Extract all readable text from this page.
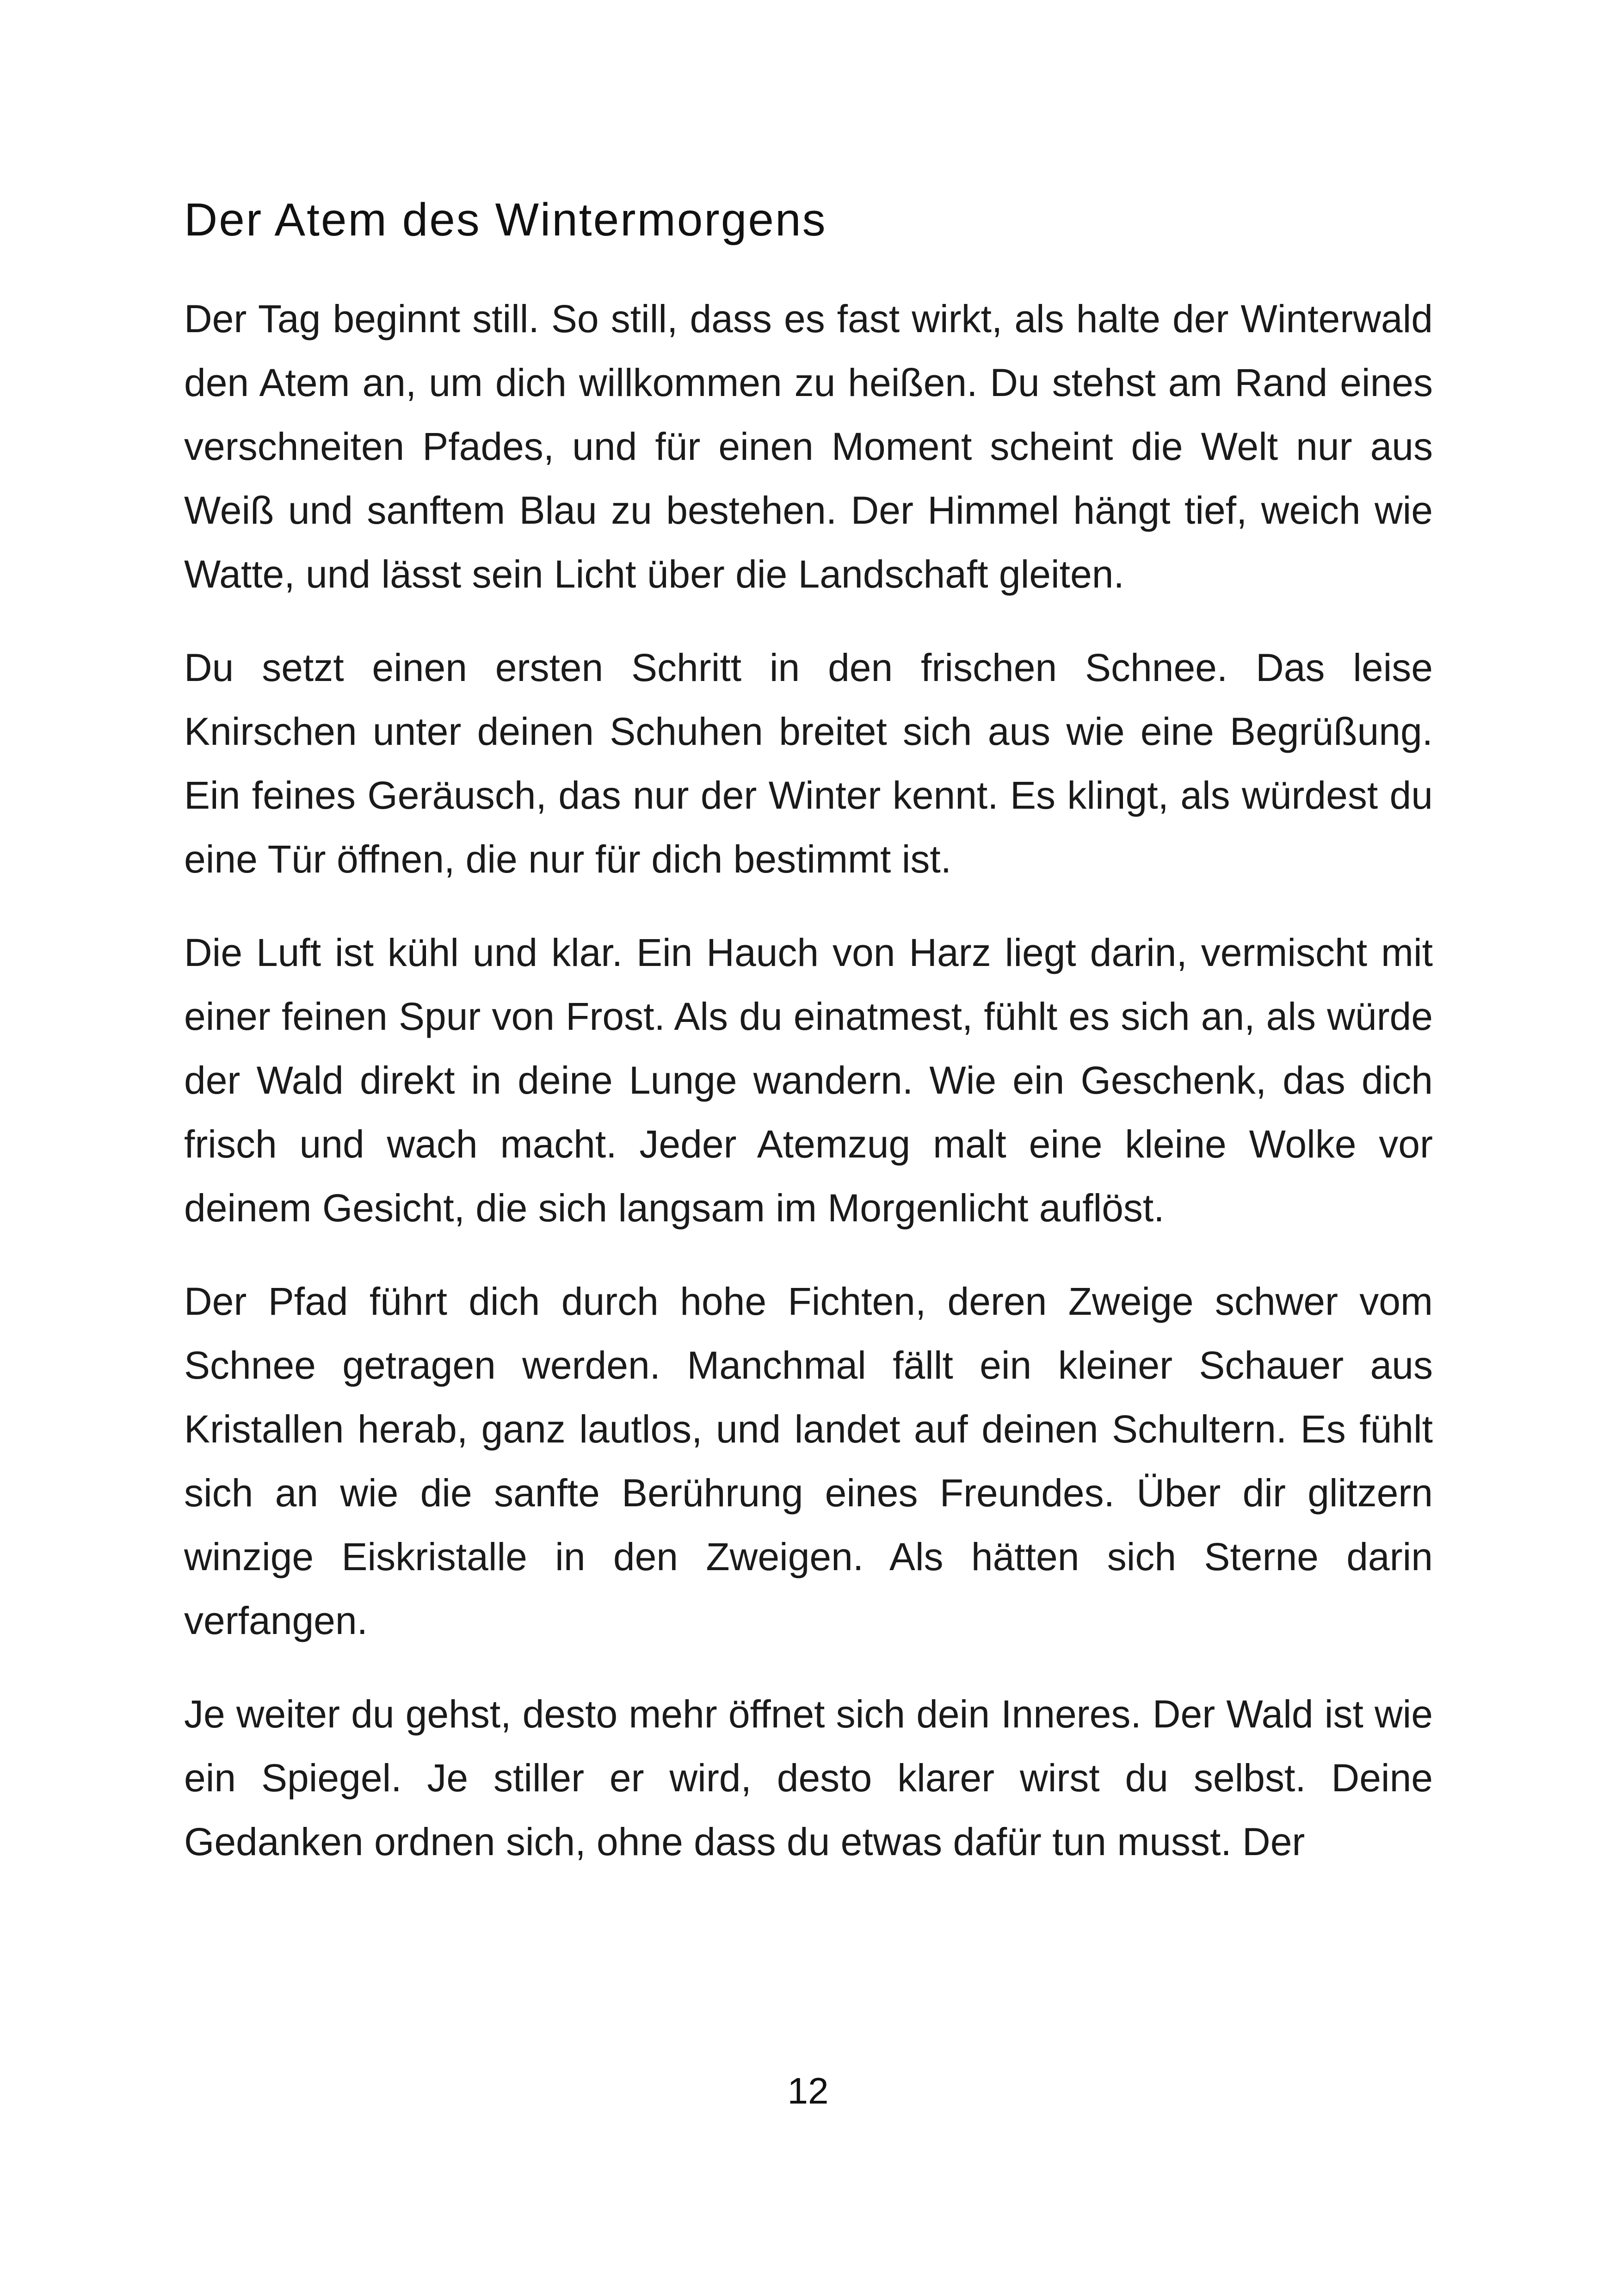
Der Atem des Wintermorgens

Der Tag beginnt still. So still, dass es fast wirkt, als halte der Winterwald den Atem an, um dich willkommen zu heißen. Du stehst am Rand eines verschneiten Pfades, und für einen Moment scheint die Welt nur aus Weiß und sanftem Blau zu bestehen. Der Himmel hängt tief, weich wie Watte, und lässt sein Licht über die Landschaft gleiten.

Du setzt einen ersten Schritt in den frischen Schnee. Das leise Knirschen unter deinen Schuhen breitet sich aus wie eine Begrüßung. Ein feines Geräusch, das nur der Winter kennt. Es klingt, als würdest du eine Tür öffnen, die nur für dich bestimmt ist.

Die Luft ist kühl und klar. Ein Hauch von Harz liegt darin, vermischt mit einer feinen Spur von Frost. Als du einatmest, fühlt es sich an, als würde der Wald direkt in deine Lunge wandern. Wie ein Geschenk, das dich frisch und wach macht. Jeder Atemzug malt eine kleine Wolke vor deinem Gesicht, die sich langsam im Morgenlicht auflöst.

Der Pfad führt dich durch hohe Fichten, deren Zweige schwer vom Schnee getragen werden. Manchmal fällt ein kleiner Schauer aus Kristallen herab, ganz lautlos, und landet auf deinen Schultern. Es fühlt sich an wie die sanfte Berührung eines Freundes. Über dir glitzern winzige Eiskristalle in den Zweigen. Als hätten sich Sterne darin verfangen.

Je weiter du gehst, desto mehr öffnet sich dein Inneres. Der Wald ist wie ein Spiegel. Je stiller er wird, desto klarer wirst du selbst. Deine Gedanken ordnen sich, ohne dass du etwas dafür tun musst. Der

12
